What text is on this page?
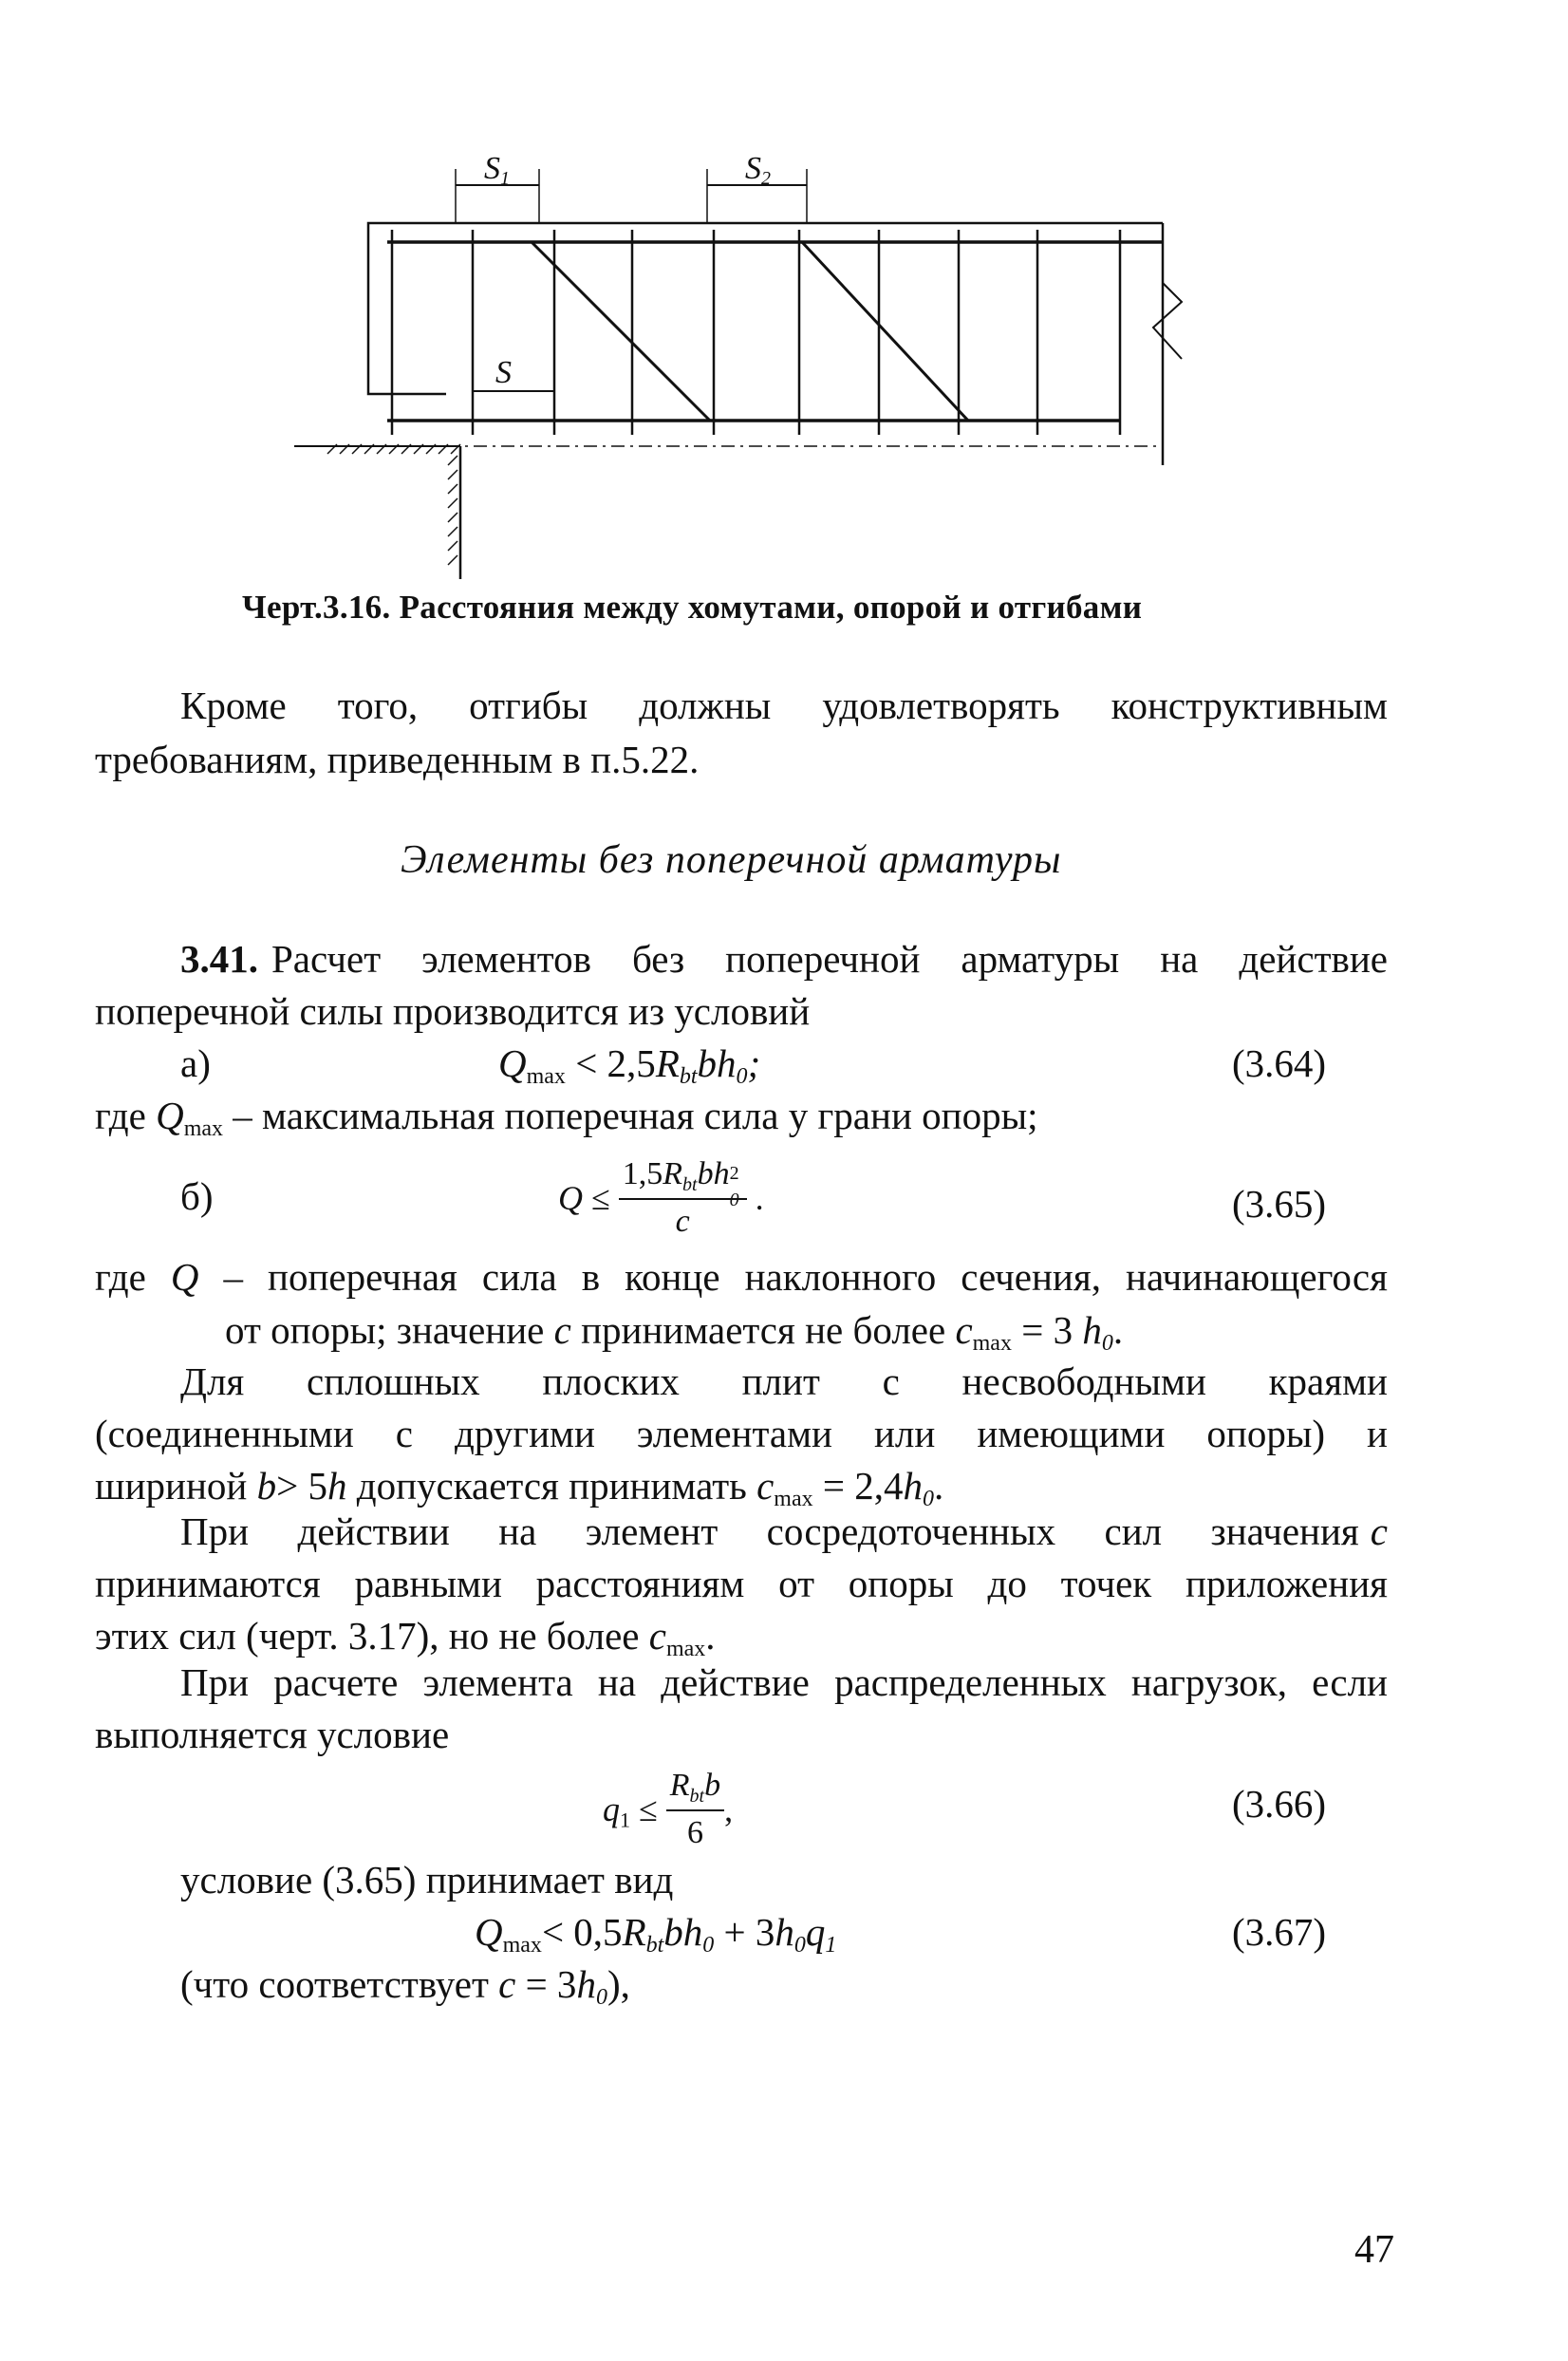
S1	S2
S
Черт.3.16. Расстояния между хомутами, опорой и отгибами
Кроме того, отгибы должны удовлетворять конструктивным
требованиям, приведенным в п.5.22.
Элементы без поперечной арматуры
3.41. Расчет элементов без поперечной арматуры на действие
поперечной силы производится из условий
а)	$Q_{max}$ < 2,5Rbtbh0;	(3.64)
где $Q_{max}$ – максимальная поперечная сила у грани опоры;
б)	$Q \le 1,5R_{bt}bh$ 2
0
c .	(3.65)
где Q – поперечная сила в конце наклонного сечения, начинающегося
от опоры; значение c принимается не более $c_{max} = 3$ h0.
Для сплошных плоских плит с несвободными краями
(соединенными с другими элементами или имеющими опоры) и
шириной b> 5h допускается принимать $c_{max} = 2,4h0$.
При действии на элемент сосредоточенных сил значения c
принимаются равными расстояниям от опоры до точек приложения
этих сил (черт. 3.17), но не более $c_{max}$.
При расчете элемента на действие распределенных нагрузок, если
выполняется условие
$q_1 \le \frac{R_{bt}b}{6}$ ,	(3.66)
условие (3.65) принимает вид
$Q_{max}<$ 0,5Rbtbh0 + 3h0q1	(3.67)
(что соответствует c = 3h0),
47
